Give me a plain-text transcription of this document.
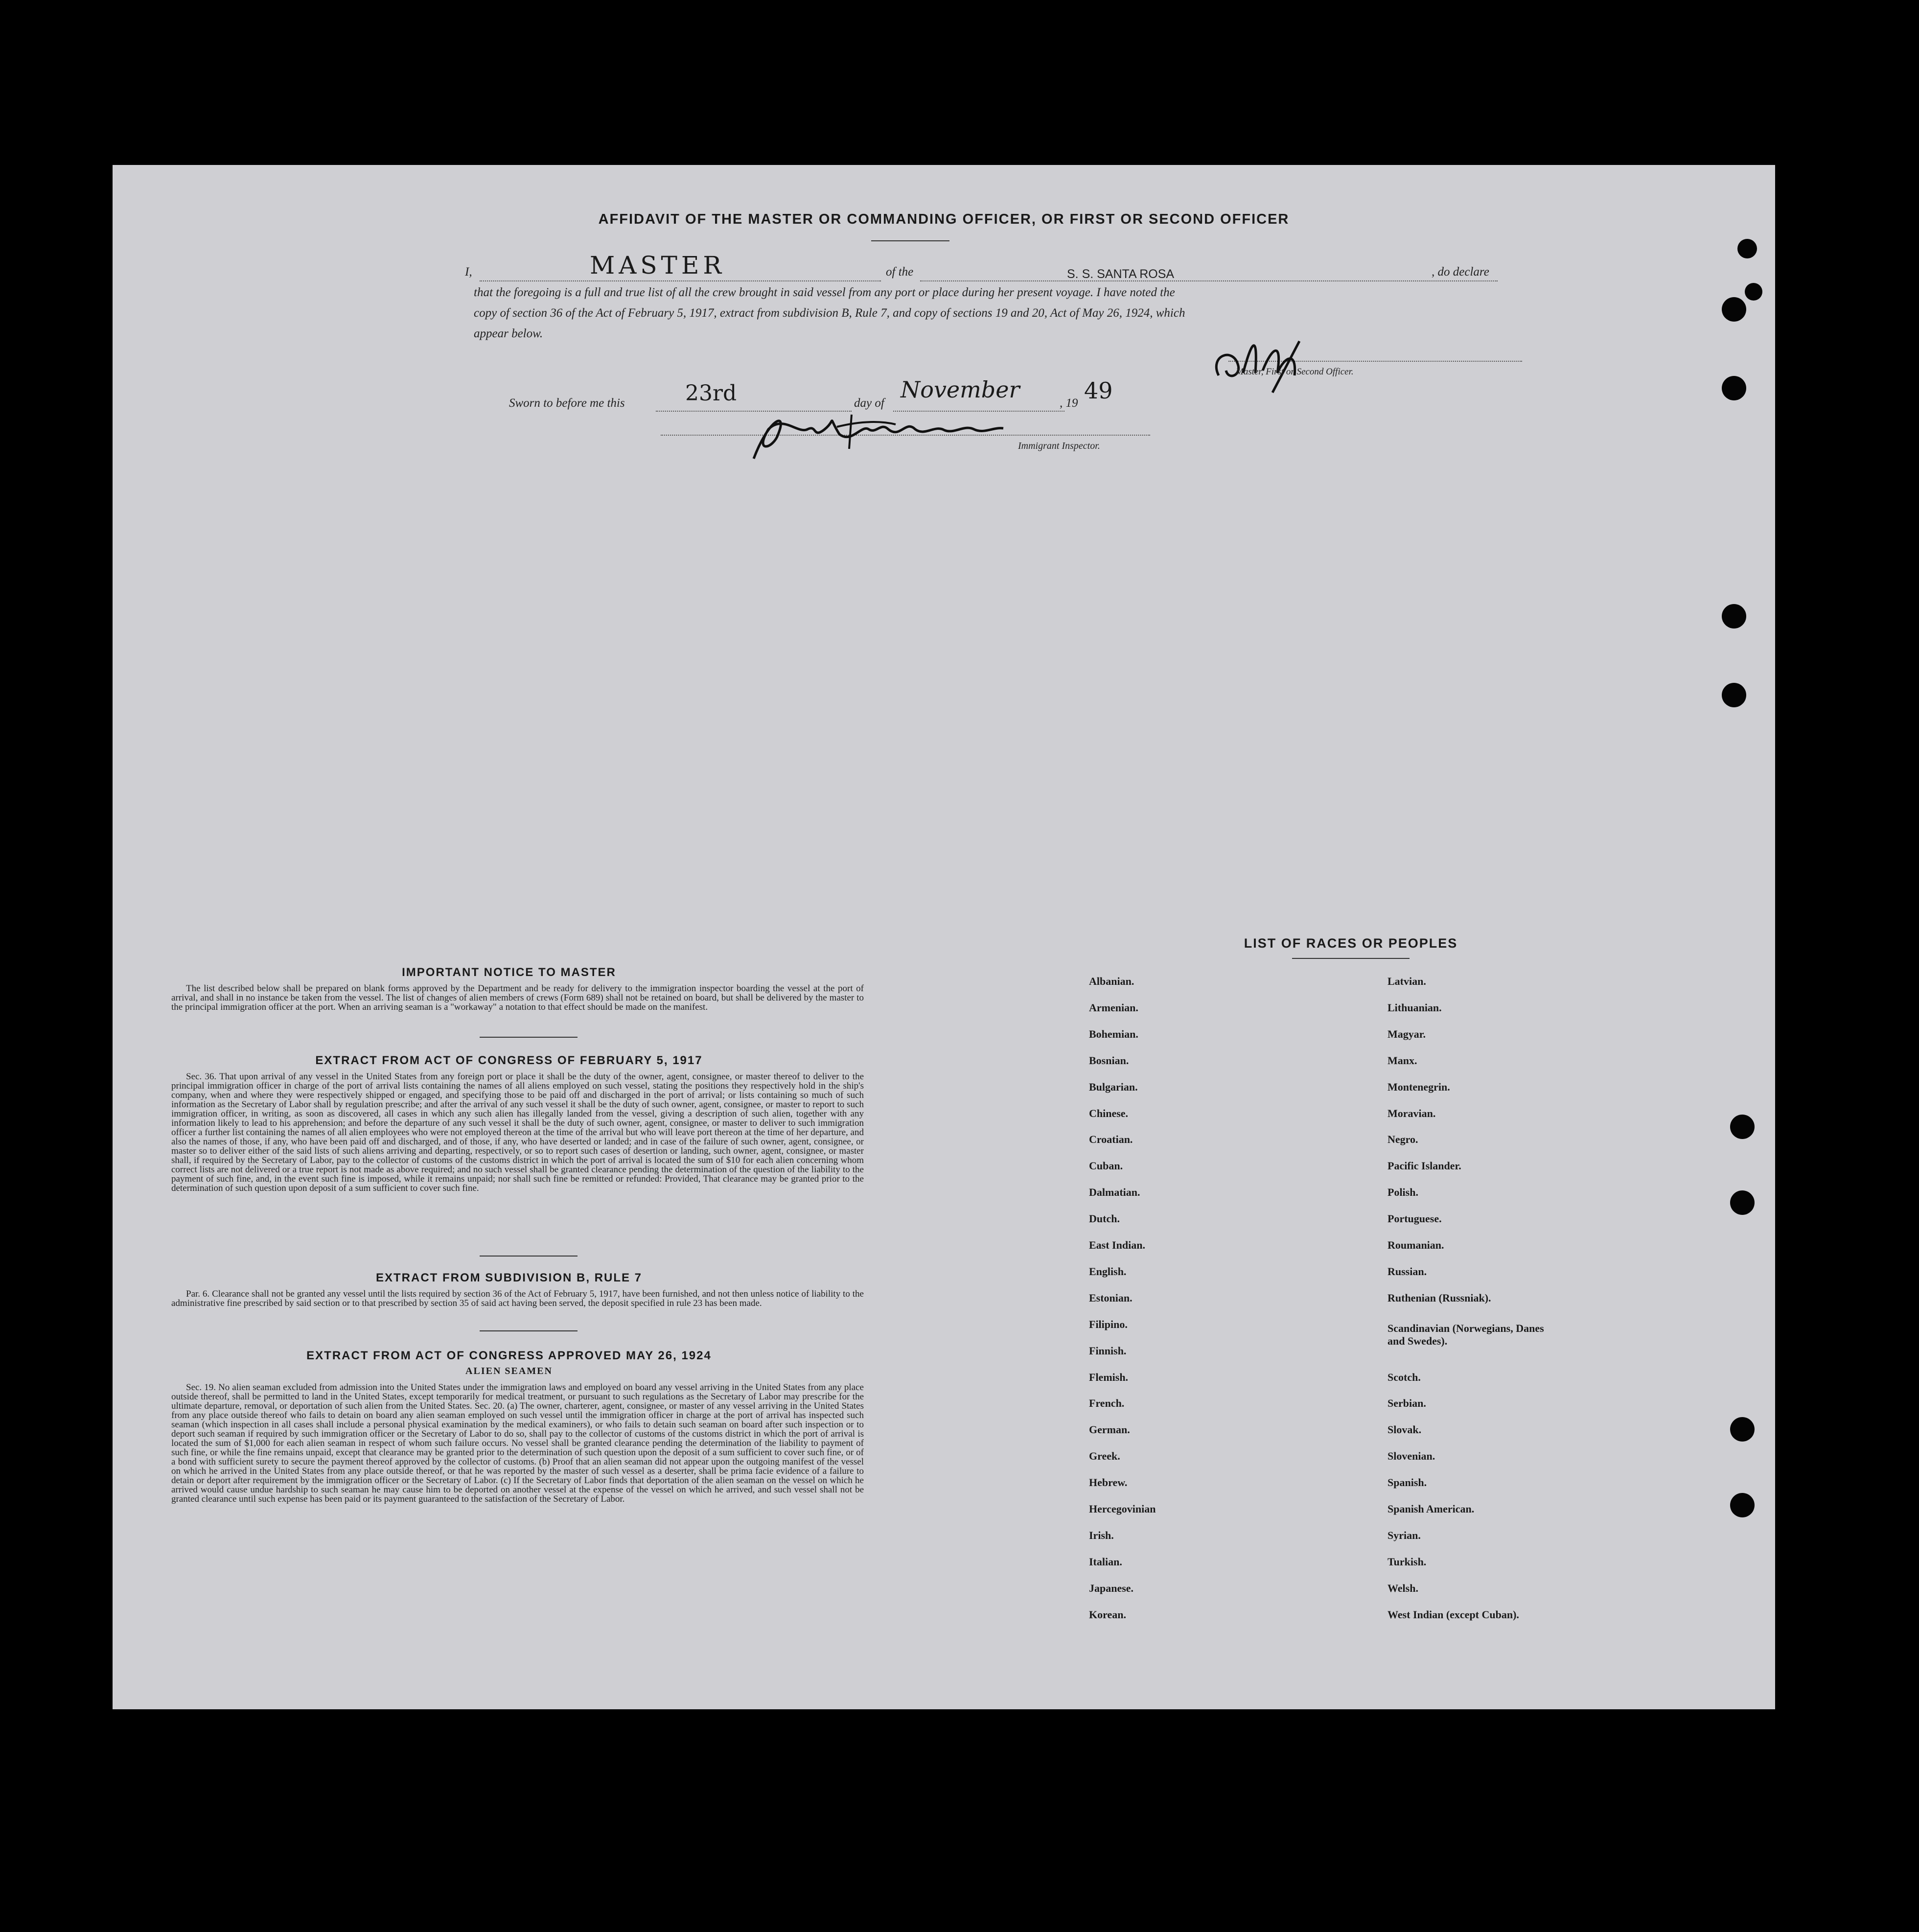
AFFIDAVIT OF THE MASTER OR COMMANDING OFFICER, OR FIRST OR SECOND OFFICER
I,	MASTER	of the	S. S. SANTA ROSA	, do declare
that the foregoing is a full and true list of all the crew brought in said vessel from any port or place during her present voyage. I have noted the
copy of section 36 of the Act of February 5, 1917, extract from subdivision B, Rule 7, and copy of sections 19 and 20, Act of May 26, 1924, which
appear below.
Master, First or Second Officer.
Sworn to before me this	23rd	day of
November
, 19 49
Immigrant Inspector.
IMPORTANT NOTICE TO MASTER
The list described below shall be prepared on blank forms approved by the Department and be ready for delivery to the immigration inspector boarding the vessel at the port of arrival, and shall in no instance be taken from the vessel. The list of changes of alien members of crews (Form 689) shall not be retained on board, but shall be delivered by the master to the principal immigration officer at the port. When an arriving seaman is a "workaway" a notation to that effect should be made on the manifest.
EXTRACT FROM ACT OF CONGRESS OF FEBRUARY 5, 1917
Sec. 36. That upon arrival of any vessel in the United States from any foreign port or place it shall be the duty of the owner, agent, consignee, or master thereof to deliver to the principal immigration officer in charge of the port of arrival lists containing the names of all aliens employed on such vessel, stating the positions they respectively hold in the ship's company, when and where they were respectively shipped or engaged, and specifying those to be paid off and discharged in the port of arrival; or lists containing so much of such information as the Secretary of Labor shall by regulation prescribe; and after the arrival of any such vessel it shall be the duty of such owner, agent, consignee, or master to report to such immigration officer, in writing, as soon as discovered, all cases in which any such alien has illegally landed from the vessel, giving a description of such alien, together with any information likely to lead to his apprehension; and before the departure of any such vessel it shall be the duty of such owner, agent, consignee, or master to deliver to such immigration officer a further list containing the names of all alien employees who were not employed thereon at the time of the arrival but who will leave port thereon at the time of her departure, and also the names of those, if any, who have been paid off and discharged, and of those, if any, who have deserted or landed; and in case of the failure of such owner, agent, consignee, or master so to deliver either of the said lists of such aliens arriving and departing, respectively, or so to report such cases of desertion or landing, such owner, agent, consignee, or master shall, if required by the Secretary of Labor, pay to the collector of customs of the customs district in which the port of arrival is located the sum of $10 for each alien concerning whom correct lists are not delivered or a true report is not made as above required; and no such vessel shall be granted clearance pending the determination of the question of the liability to the payment of such fine, and, in the event such fine is imposed, while it remains unpaid; nor shall such fine be remitted or refunded: Provided, That clearance may be granted prior to the determination of such question upon deposit of a sum sufficient to cover such fine.
EXTRACT FROM SUBDIVISION B, RULE 7
Par. 6. Clearance shall not be granted any vessel until the lists required by section 36 of the Act of February 5, 1917, have been furnished, and not then unless notice of liability to the administrative fine prescribed by said section or to that prescribed by section 35 of said act having been served, the deposit specified in rule 23 has been made.
EXTRACT FROM ACT OF CONGRESS APPROVED MAY 26, 1924
ALIEN SEAMEN
Sec. 19. No alien seaman excluded from admission into the United States under the immigration laws and employed on board any vessel arriving in the United States from any place outside thereof, shall be permitted to land in the United States, except temporarily for medical treatment, or pursuant to such regulations as the Secretary of Labor may prescribe for the ultimate departure, removal, or deportation of such alien from the United States. Sec. 20. (a) The owner, charterer, agent, consignee, or master of any vessel arriving in the United States from any place outside thereof who fails to detain on board any alien seaman employed on such vessel until the immigration officer in charge at the port of arrival has inspected such seaman (which inspection in all cases shall include a personal physical examination by the medical examiners), or who fails to detain such seaman on board after such inspection or to deport such seaman if required by such immigration officer or the Secretary of Labor to do so, shall pay to the collector of customs of the customs district in which the port of arrival is located the sum of $1,000 for each alien seaman in respect of whom such failure occurs. No vessel shall be granted clearance pending the determination of the liability to payment of such fine, or while the fine remains unpaid, except that clearance may be granted prior to the determination of such question upon the deposit of a sum sufficient to cover such fine, or of a bond with sufficient surety to secure the payment thereof approved by the collector of customs. (b) Proof that an alien seaman did not appear upon the outgoing manifest of the vessel on which he arrived in the United States from any place outside thereof, or that he was reported by the master of such vessel as a deserter, shall be prima facie evidence of a failure to detain or deport after requirement by the immigration officer or the Secretary of Labor. (c) If the Secretary of Labor finds that deportation of the alien seaman on the vessel on which he arrived would cause undue hardship to such seaman he may cause him to be deported on another vessel at the expense of the vessel on which he arrived, and such vessel shall not be granted clearance until such expense has been paid or its payment guaranteed to the satisfaction of the Secretary of Labor.
LIST OF RACES OR PEOPLES
Albanian.
Armenian.
Bohemian.
Bosnian.
Bulgarian.
Chinese.
Croatian.
Cuban.
Dalmatian.
Dutch.
East Indian.
English.
Estonian.
Filipino.
Finnish.
Flemish.
French.
German.
Greek.
Hebrew.
Hercegovinian
Irish.
Italian.
Japanese.
Korean.
Latvian.
Lithuanian.
Magyar.
Manx.
Montenegrin.
Moravian.
Negro.
Pacific Islander.
Polish.
Portuguese.
Roumanian.
Russian.
Ruthenian (Russniak).
Scandinavian (Norwegians, Danes and Swedes).
Scotch.
Serbian.
Slovak.
Slovenian.
Spanish.
Spanish American.
Syrian.
Turkish.
Welsh.
West Indian (except Cuban).
